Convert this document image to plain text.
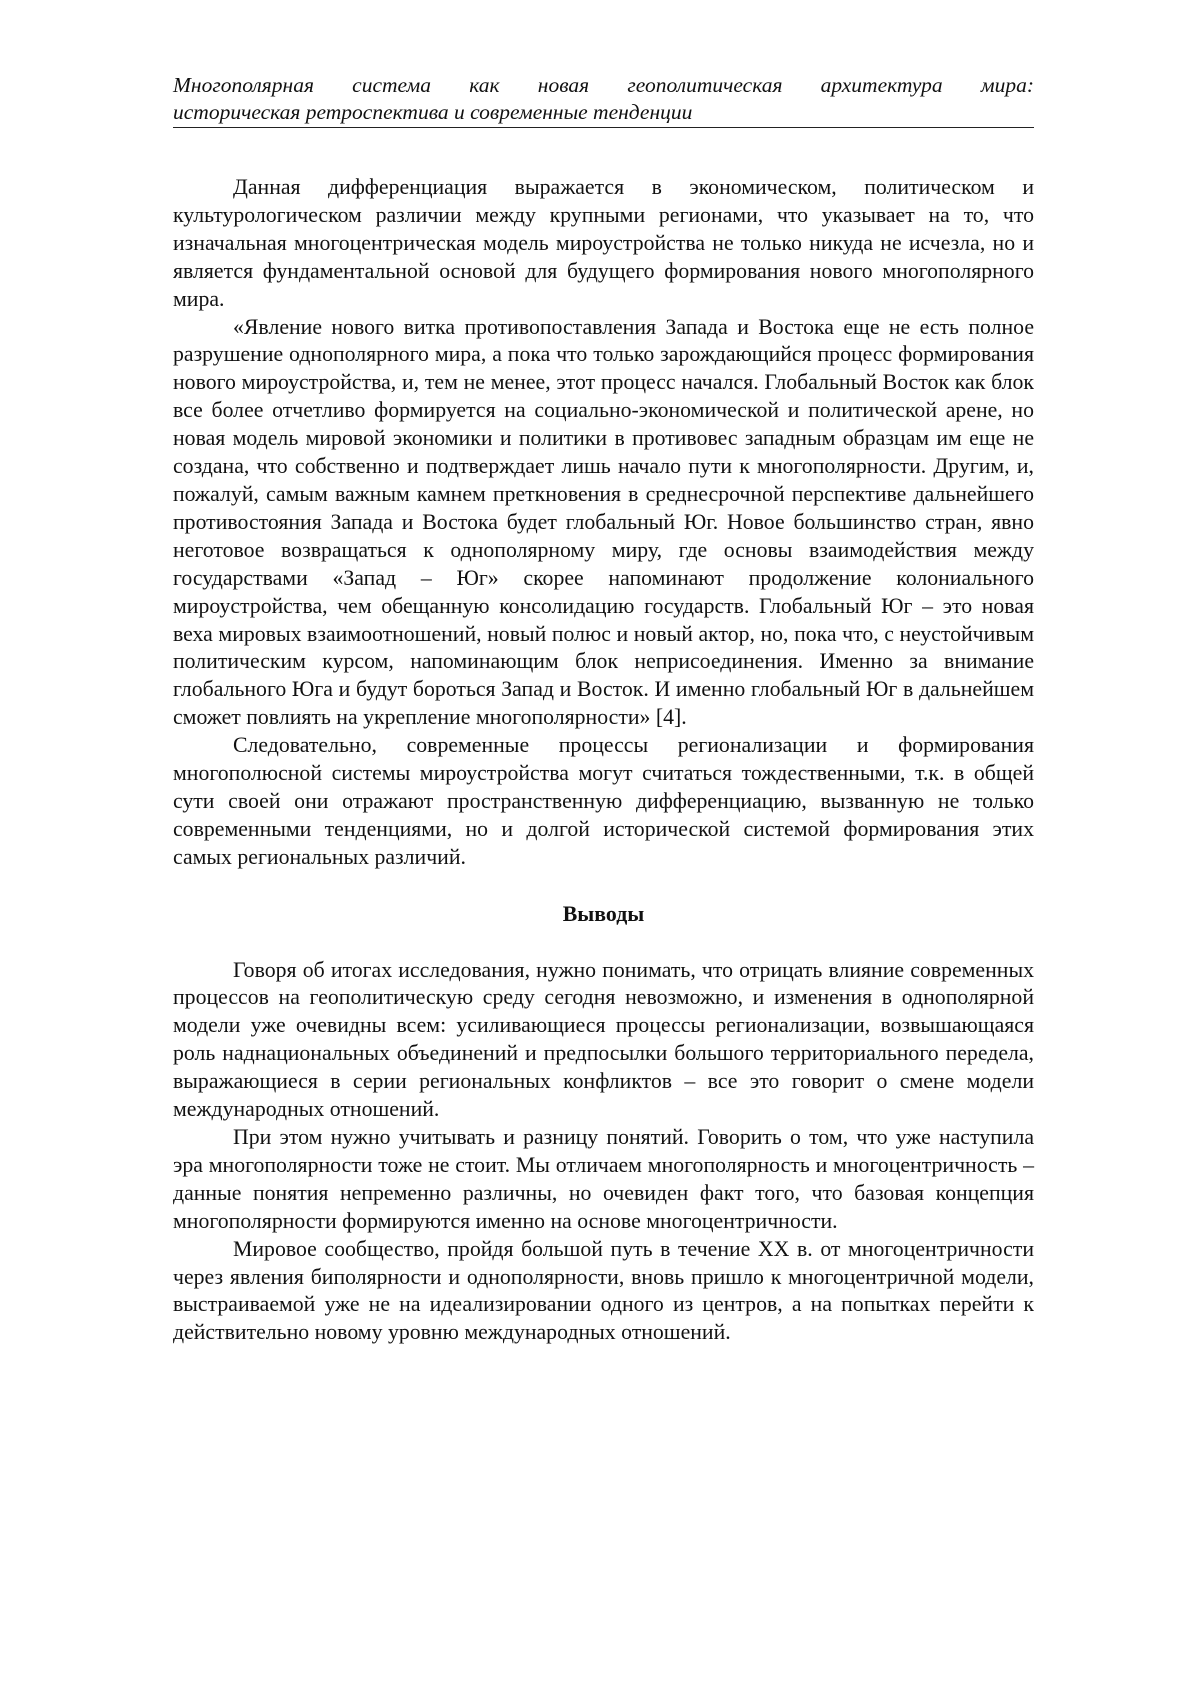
Многополярная система как новая геополитическая архитектура мира:
историческая ретроспектива и современные тенденции

Данная дифференциация выражается в экономическом, политическом и культурологическом различии между крупными регионами, что указывает на то, что изначальная многоцентрическая модель мироустройства не только никуда не исчезла, но и является фундаментальной основой для будущего формирования нового многополярного мира.

«Явление нового витка противопоставления Запада и Востока еще не есть полное разрушение однополярного мира, а пока что только зарождающийся процесс формирования нового мироустройства, и, тем не менее, этот процесс начался. Глобальный Восток как блок все более отчетливо формируется на социально-экономической и политической арене, но новая модель мировой экономики и политики в противовес западным образцам им еще не создана, что собственно и подтверждает лишь начало пути к многополярности. Другим, и, пожалуй, самым важным камнем преткновения в среднесрочной перспективе дальнейшего противостояния Запада и Востока будет глобальный Юг. Новое большинство стран, явно неготовое возвращаться к однополярному миру, где основы взаимодействия между государствами «Запад – Юг» скорее напоминают продолжение колониального мироустройства, чем обещанную консолидацию государств. Глобальный Юг – это новая веха мировых взаимоотношений, новый полюс и новый актор, но, пока что, с неустойчивым политическим курсом, напоминающим блок неприсоединения. Именно за внимание глобального Юга и будут бороться Запад и Восток. И именно глобальный Юг в дальнейшем сможет повлиять на укрепление многополярности» [4].

Следовательно, современные процессы регионализации и формирования многополюсной системы мироустройства могут считаться тождественными, т.к. в общей сути своей они отражают пространственную дифференциацию, вызванную не только современными тенденциями, но и долгой исторической системой формирования этих самых региональных различий.

Выводы

Говоря об итогах исследования, нужно понимать, что отрицать влияние современных процессов на геополитическую среду сегодня невозможно, и изменения в однополярной модели уже очевидны всем: усиливающиеся процессы регионализации, возвышающаяся роль наднациональных объединений и предпосылки большого территориального передела, выражающиеся в серии региональных конфликтов – все это говорит о смене модели международных отношений.

При этом нужно учитывать и разницу понятий. Говорить о том, что уже наступила эра многополярности тоже не стоит. Мы отличаем многополярность и многоцентричность – данные понятия непременно различны, но очевиден факт того, что базовая концепция многополярности формируются именно на основе многоцентричности.

Мировое сообщество, пройдя большой путь в течение XX в. от многоцентричности через явления биполярности и однополярности, вновь пришло к многоцентричной модели, выстраиваемой уже не на идеализировании одного из центров, а на попытках перейти к действительно новому уровню международных отношений.
